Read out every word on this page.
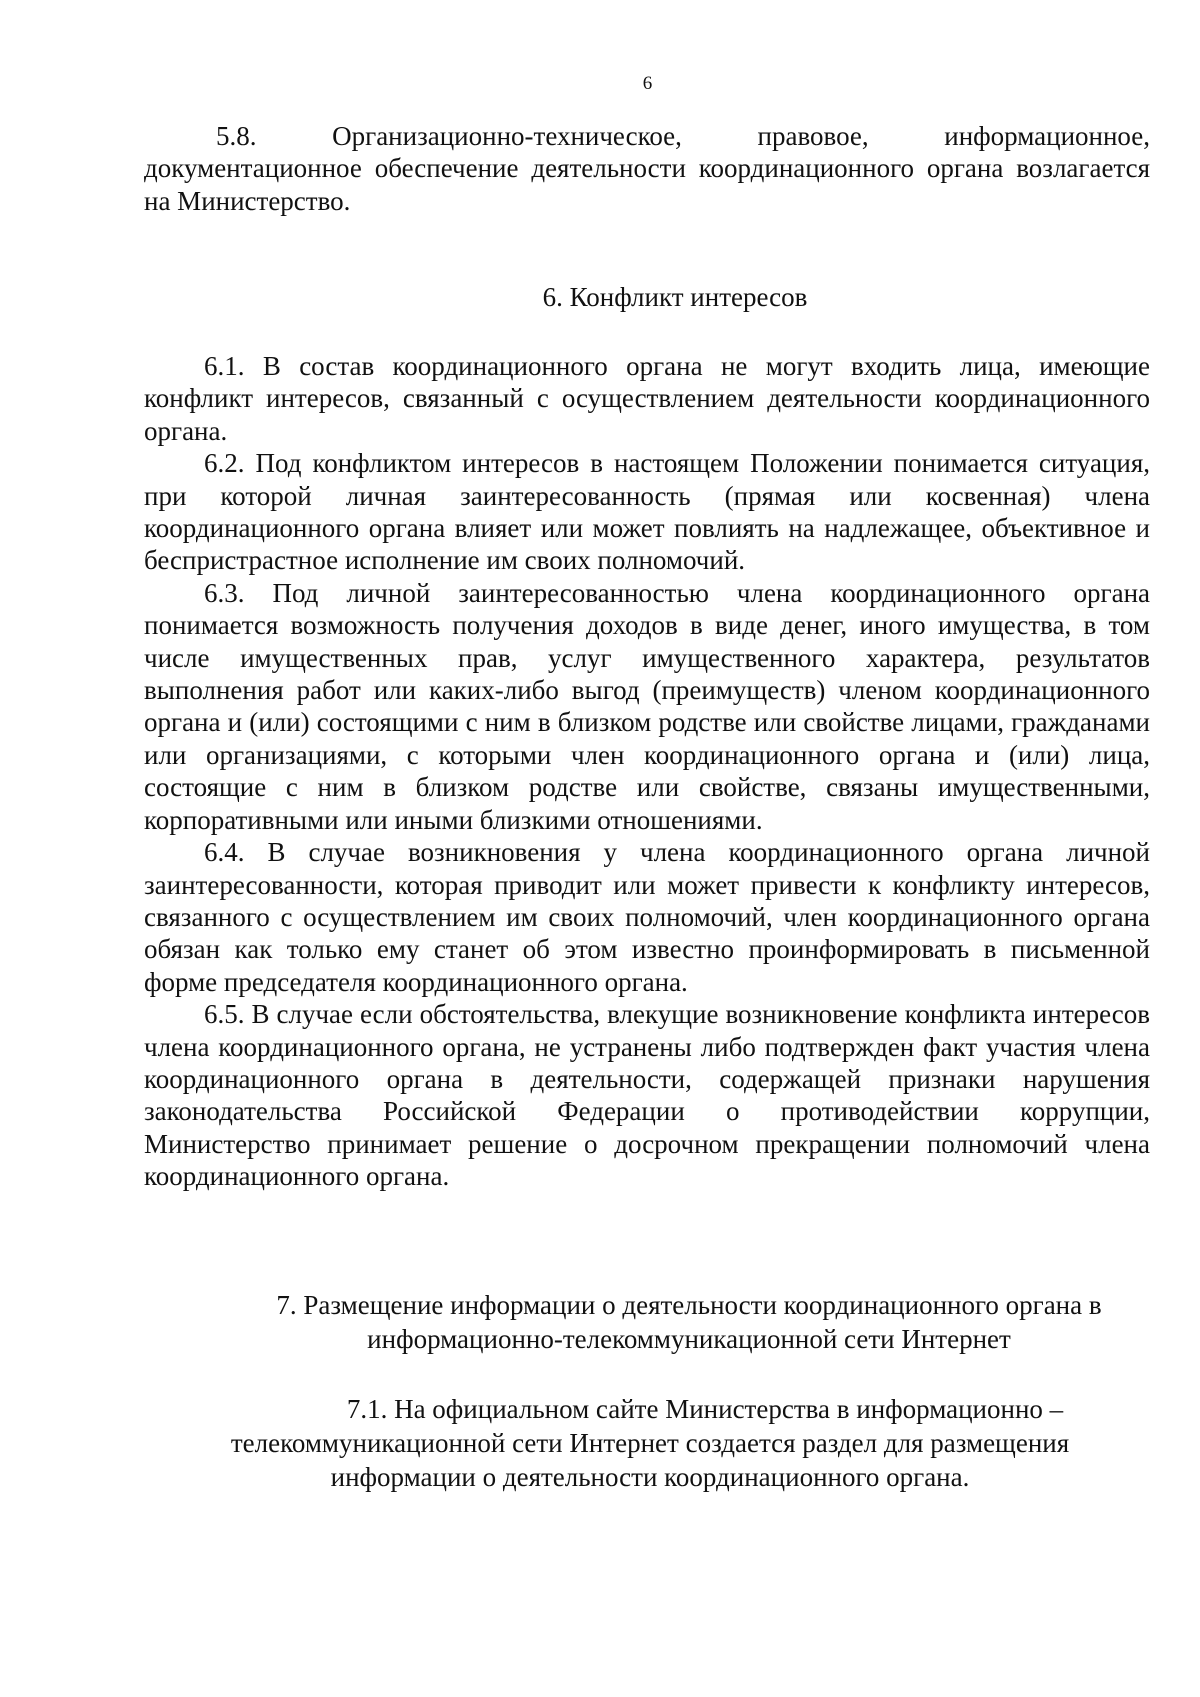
6

5.8. Организационно-техническое, правовое, информационное, документационное обеспечение деятельности координационного органа возлагается на Министерство.

6. Конфликт интересов

6.1. В состав координационного органа не могут входить лица, имеющие конфликт интересов, связанный с осуществлением деятельности координационного органа.

6.2. Под конфликтом интересов в настоящем Положении понимается ситуация, при которой личная заинтересованность (прямая или косвенная) члена координационного органа влияет или может повлиять на надлежащее, объективное и беспристрастное исполнение им своих полномочий.

6.3. Под личной заинтересованностью члена координационного органа понимается возможность получения доходов в виде денег, иного имущества, в том числе имущественных прав, услуг имущественного характера, результатов выполнения работ или каких-либо выгод (преимуществ) членом координационного органа и (или) состоящими с ним в близком родстве или свойстве лицами, гражданами или организациями, с которыми член координационного органа и (или) лица, состоящие с ним в близком родстве или свойстве, связаны имущественными, корпоративными или иными близкими отношениями.

6.4. В случае возникновения у члена координационного органа личной заинтересованности, которая приводит или может привести к конфликту интересов, связанного с осуществлением им своих полномочий, член координационного органа обязан как только ему станет об этом известно проинформировать в письменной форме председателя координационного органа.

6.5. В случае если обстоятельства, влекущие возникновение конфликта интересов члена координационного органа, не устранены либо подтвержден факт участия члена координационного органа в деятельности, содержащей признаки нарушения законодательства Российской Федерации о противодействии коррупции, Министерство принимает решение о досрочном прекращении полномочий члена координационного органа.

7. Размещение информации о деятельности координационного органа в
информационно-телекоммуникационной сети Интернет

7.1. На официальном сайте Министерства в информационно –
телекоммуникационной сети Интернет создается раздел для размещения
информации о деятельности координационного органа.
